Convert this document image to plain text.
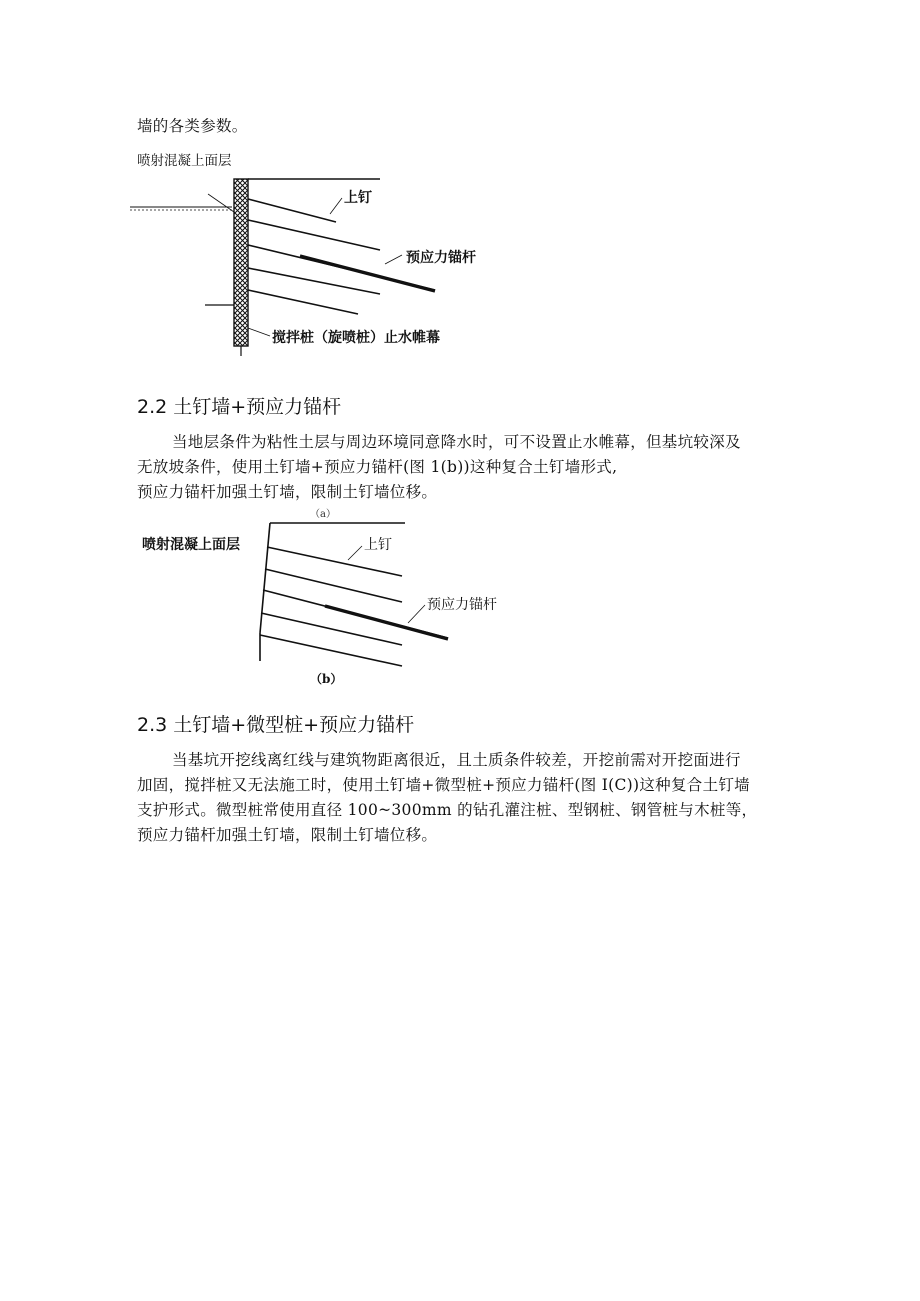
墙的各类参数。
喷射混凝上面层
上钉
预应力锚杆
搅拌桩（旋喷桩）止水帷幕
2.2 土钉墙+预应力锚杆
当地层条件为粘性土层与周边环境同意降水时，可不设置止水帷幕，但基坑较深及
无放坡条件，使用土钉墙+预应力锚杆(图 1(b))这种复合土钉墙形式,
预应力锚杆加强土钉墙，限制土钉墙位移。
（a）
喷射混凝上面层	上钉
预应力锚杆
（b）
2.3 土钉墙+微型桩+预应力锚杆
当基坑开挖线离红线与建筑物距离很近，且土质条件较差，开挖前需对开挖面进行
加固，搅拌桩又无法施工时，使用土钉墙+微型桩+预应力锚杆(图 I(C))这种复合土钉墙
支护形式。微型桩常使用直径 100~300mm 的钻孔灌注桩、型钢桩、钢管桩与木桩等，
预应力锚杆加强土钉墙，限制土钉墙位移。
